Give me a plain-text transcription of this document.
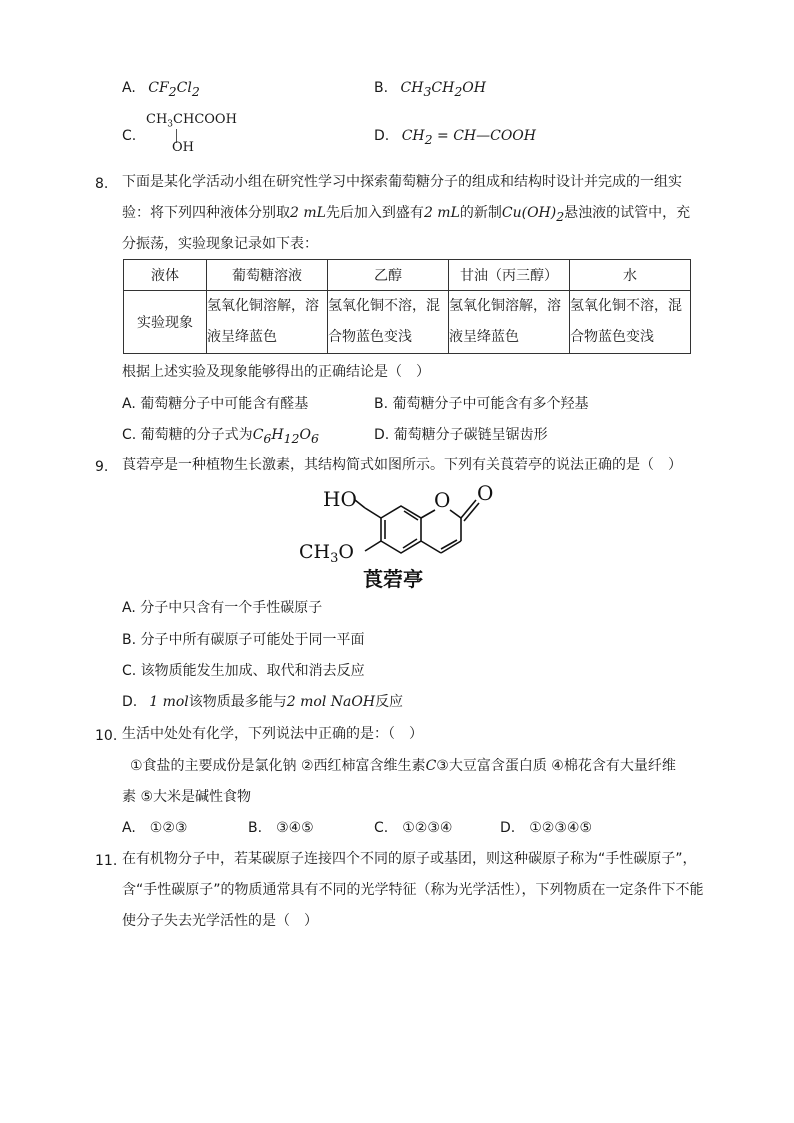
A. $CF_2Cl_2$	B. $CH_3CH_2OH$
C.
$CH_3CHCOOH$
OH
D. $CH_2$ = CH—COOH
8. 下面是某化学活动小组在研究性学习中探索葡萄糖分子的组成和结构时设计并完成的一组实
验：将下列四种液体分别取2 mL先后加入到盛有2 mL的新制$Cu(OH)_2$悬浊液的试管中，充
分振荡，实验现象记录如下表：
液体	葡萄糖溶液	乙醇	甘油（丙三醇）	水
实验现象	氢氧化铜溶解，溶液呈绛蓝色	氢氧化铜不溶，混合物蓝色变浅	氢氧化铜溶解，溶液呈绛蓝色	氢氧化铜不溶，混合物蓝色变浅
根据上述实验及现象能够得出的正确结论是（　）
A. 葡萄糖分子中可能含有醛基	B. 葡萄糖分子中可能含有多个羟基
C. 葡萄糖的分子式为$C_6H_{12}O_6$	D. 葡萄糖分子碳链呈锯齿形
9. 莨菪亭是一种植物生长激素，其结构简式如图所示。下列有关莨菪亭的说法正确的是（　）
HO	O O
$CH_3O$
莨菪亭
A. 分子中只含有一个手性碳原子
B. 分子中所有碳原子可能处于同一平面
C. 该物质能发生加成、取代和消去反应
D. 1 mol该物质最多能与2 mol NaOH反应
10. 生活中处处有化学，下列说法中正确的是：（　）
①食盐的主要成份是氯化钠 ②西红柿富含维生素C③大豆富含蛋白质 ④棉花含有大量纤维
素 ⑤大米是碱性食物
A. ①②③	B. ③④⑤	C. ①②③④	D. ①②③④⑤
11. 在有机物分子中，若某碳原子连接四个不同的原子或基团，则这种碳原子称为“手性碳原子”，
含“手性碳原子”的物质通常具有不同的光学特征（称为光学活性），下列物质在一定条件下不能
使分子失去光学活性的是（　）
